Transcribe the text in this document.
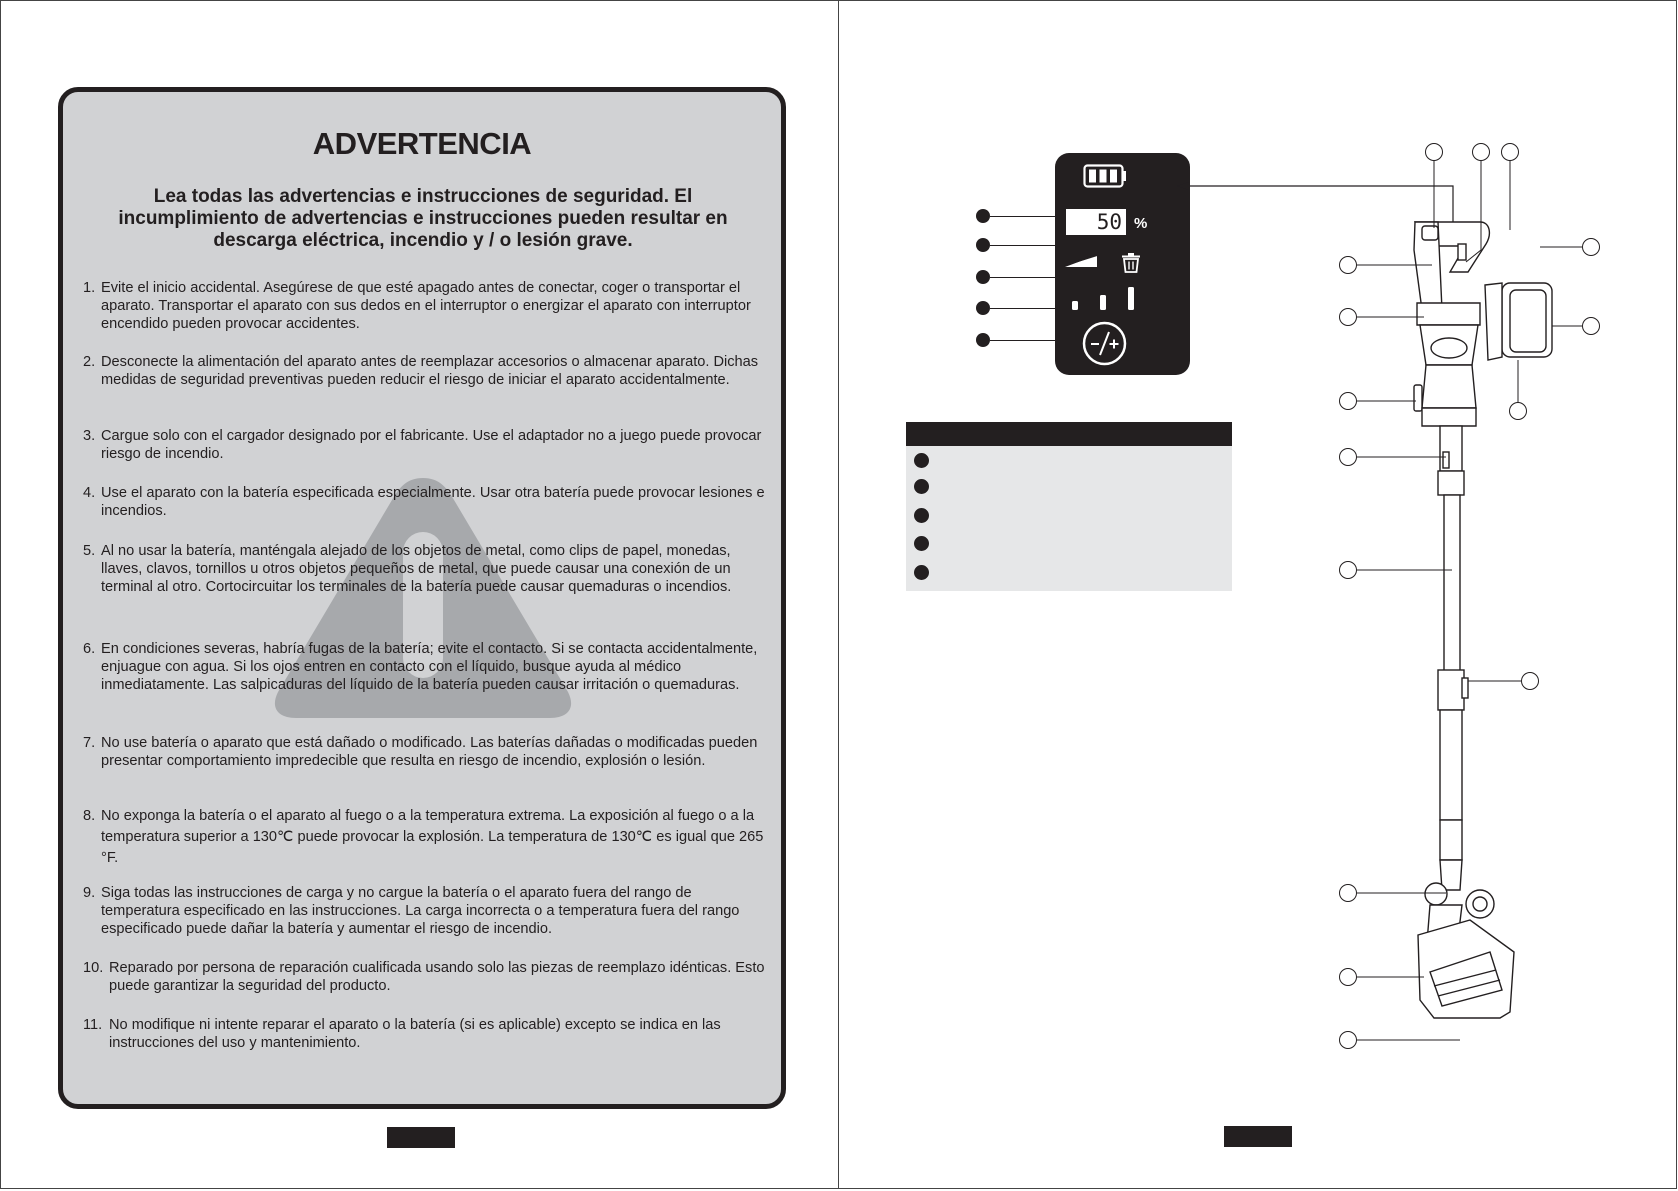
ADVERTENCIA
Lea todas las advertencias e instrucciones de seguridad. El incumplimiento de advertencias e instrucciones pueden resultar en descarga eléctrica, incendio y / o lesión grave.
1. Evite el inicio accidental. Asegúrese de que esté apagado antes de conectar, coger o transportar el aparato. Transportar el aparato con sus dedos en el interruptor o energizar el aparato con interruptor encendido pueden provocar accidentes.
2. Desconecte la alimentación del aparato antes de reemplazar accesorios o almacenar aparato. Dichas medidas de seguridad preventivas pueden reducir el riesgo de iniciar el aparato accidentalmente.
3. Cargue solo con el cargador designado por el fabricante. Use el adaptador no a juego puede provocar riesgo de incendio.
4. Use el aparato con la batería especificada especialmente. Usar otra batería puede provocar lesiones e incendios.
5. Al no usar la batería, manténgala alejado de los objetos de metal, como clips de papel, monedas, llaves, clavos, tornillos u otros objetos pequeños de metal, que puede causar una conexión de un terminal al otro. Cortocircuitar los terminales de la batería puede causar quemaduras o incendios.
6. En condiciones severas, habría fugas de la batería; evite el contacto. Si se contacta accidentalmente, enjuague con agua. Si los ojos entren en contacto con el líquido, busque ayuda al médico inmediatamente. Las salpicaduras del líquido de la batería pueden causar irritación o quemaduras.
7. No use batería o aparato que está dañado o modificado. Las baterías dañadas o modificadas pueden presentar comportamiento impredecible que resulta en riesgo de incendio, explosión o lesión.
8. No exponga la batería o el aparato al fuego o a la temperatura extrema. La exposición al fuego o a la temperatura superior a 130℃ puede provocar la explosión. La temperatura de 130℃ es igual que 265 °F.
9. Siga todas las instrucciones de carga y no cargue la batería o el aparato fuera del rango de temperatura especificado en las instrucciones. La carga incorrecta o a temperatura fuera del rango especificado puede dañar la batería y aumentar el riesgo de incendio.
10. Reparado por persona de reparación cualificada usando solo las piezas de reemplazo idénticas. Esto puede garantizar la seguridad del producto.
11. No modifique ni intente reparar el aparato o la batería (si es aplicable) excepto se indica en las instrucciones del uso y mantenimiento.
50 %
